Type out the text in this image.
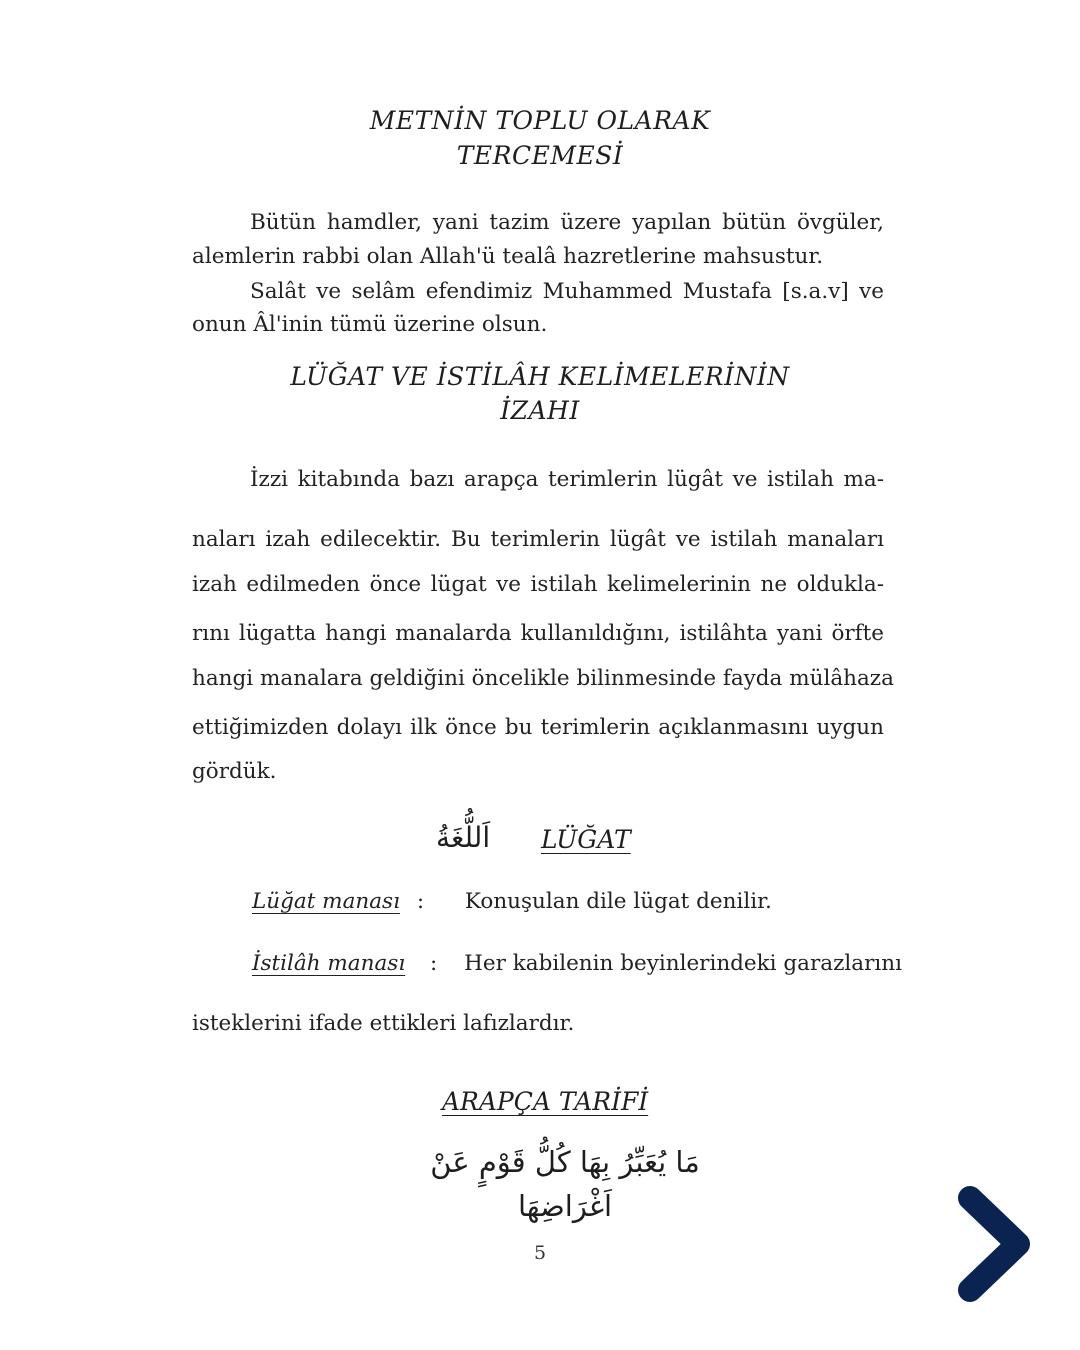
METNİN TOPLU OLARAK
TERCEMESİ
Bütün hamdler, yani tazim üzere yapılan bütün övgüler,
alemlerin rabbi olan Allah'ü tealâ hazretlerine mahsustur.
Salât ve selâm efendimiz Muhammed Mustafa [s.a.v] ve
onun Âl'inin tümü üzerine olsun.
LÜĞAT VE İSTİLÂH KELİMELERİNİN
İZAHI
İzzi kitabında bazı arapça terimlerin lügât ve istilah ma-
naları izah edilecektir. Bu terimlerin lügât ve istilah manaları
izah edilmeden önce lügat ve istilah kelimelerinin ne oldukla-
rını lügatta hangi manalarda kullanıldığını, istilâhta yani örfte
hangi manalara geldiğini öncelikle bilinmesinde fayda mülâhaza
ettiğimizden dolayı ilk önce bu terimlerin açıklanmasını uygun
gördük.
اَللُّغَةُ LÜĞAT
Lüğat manası : Konuşulan dile lügat denilir.
İstilâh manası : Her kabilenin beyinlerindeki garazlarını
isteklerini ifade ettikleri lafızlardır.
ARAPÇA TARİFİ
مَا يُعَبِّرُ بِهَا كُلُّ قَوْمٍ عَنْ اَغْرَاضِهَا
5
